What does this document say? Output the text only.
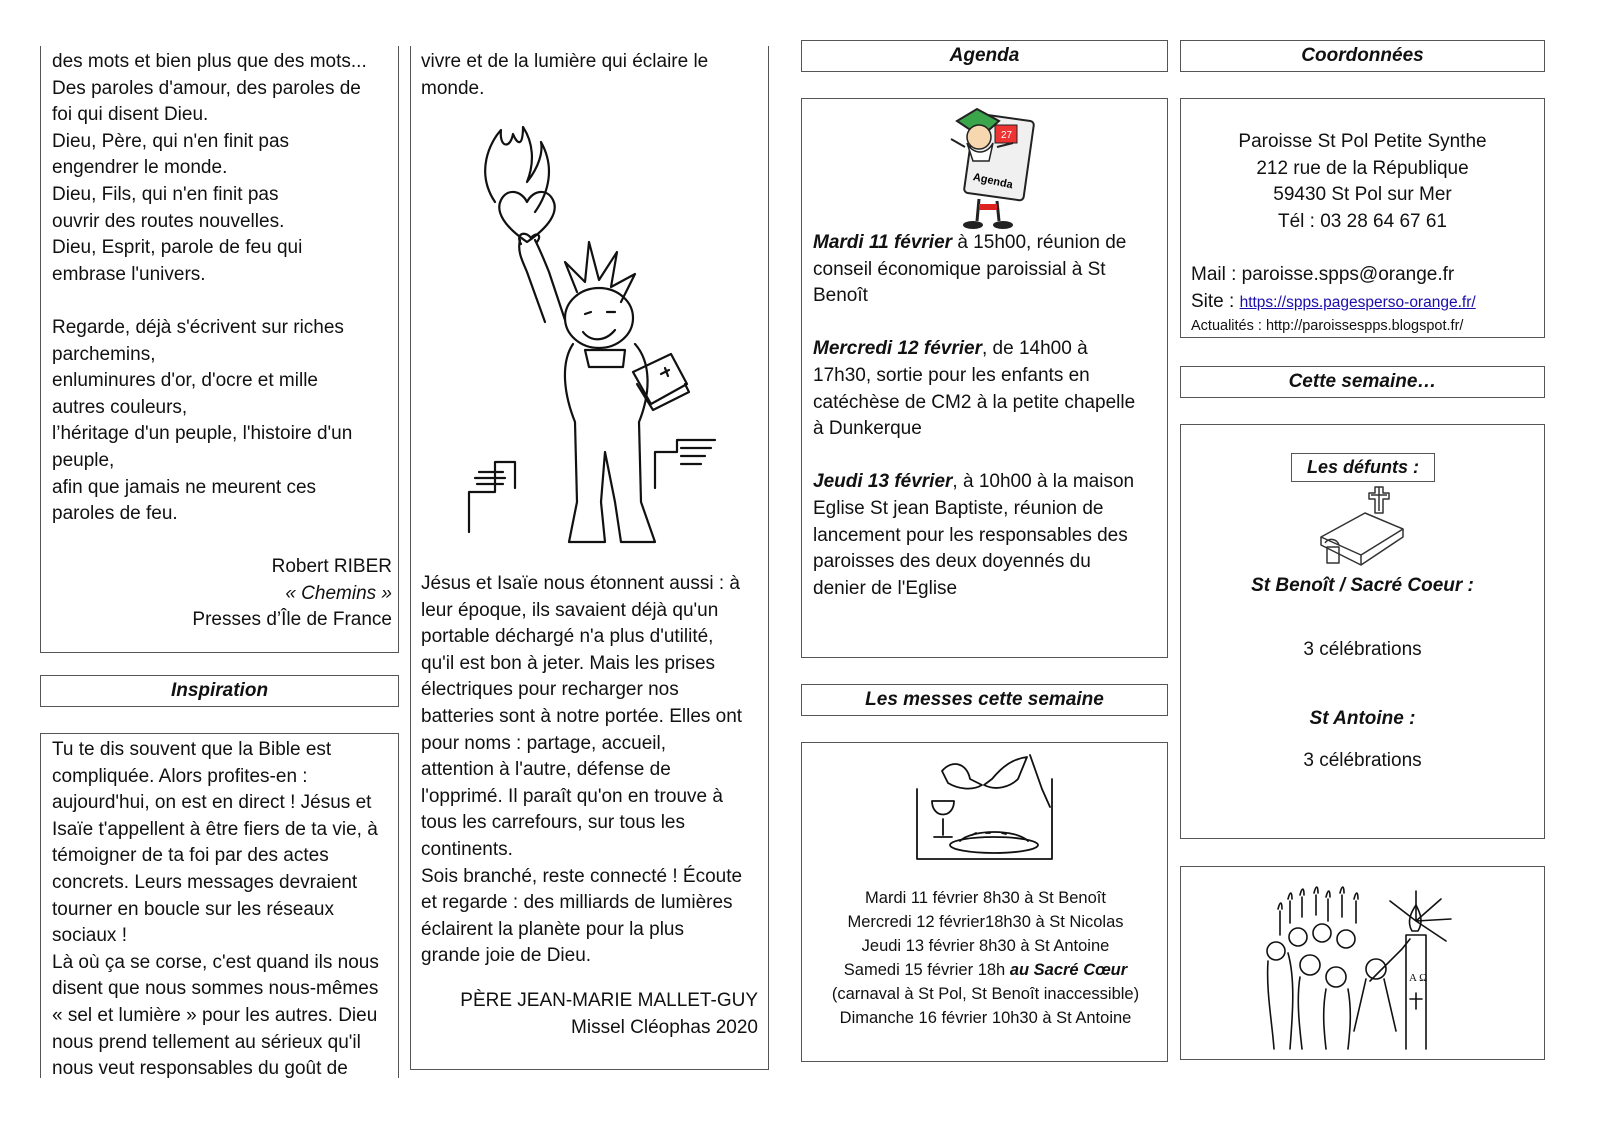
des mots et bien plus que des mots...
Des paroles d'amour, des paroles de
foi qui disent Dieu.
Dieu, Père, qui n'en finit pas
engendrer le monde.
Dieu, Fils, qui n'en finit pas
ouvrir des routes nouvelles.
Dieu, Esprit, parole de feu qui
embrase l'univers.
Regarde, déjà s'écrivent sur riches
parchemins,
enluminures d'or, d'ocre et mille
autres couleurs,
l’héritage d'un peuple, l'histoire d'un
peuple,
afin que jamais ne meurent ces
paroles de feu.

Robert RIBER

« Chemins »

Presses d’Île de France

Inspiration
Tu te dis souvent que la Bible est
compliquée. Alors profites-en :
aujourd'hui, on est en direct ! Jésus et
Isaïe t'appellent à être fiers de ta vie, à
témoigner de ta foi par des actes
concrets. Leurs messages devraient
tourner en boucle sur les réseaux
sociaux !
Là où ça se corse, c'est quand ils nous
disent que nous sommes nous-mêmes
« sel et lumière » pour les autres. Dieu
nous prend tellement au sérieux qu'il
nous veut responsables du goût de
vivre et de la lumière qui éclaire le
monde.
Jésus et Isaïe nous étonnent aussi : à
leur époque, ils savaient déjà qu'un
portable déchargé n'a plus d'utilité,
qu'il est bon à jeter. Mais les prises
électriques pour recharger nos
batteries sont à notre portée. Elles ont
pour noms : partage, accueil,
attention à l'autre, défense de
l'opprimé. Il paraît qu'on en trouve à
tous les carrefours, sur tous les
continents.
Sois branché, reste connecté ! Écoute
et regarde : des milliards de lumières
éclairent la planète pour la plus
grande joie de Dieu.

PÈRE JEAN-MARIE MALLET-GUY

Missel Cléophas 2020

Agenda
27
Agenda
Mardi 11 février à 15h00, réunion de
conseil économique paroissial à St
Benoît
Mercredi 12 février, de 14h00 à
17h30, sortie pour les enfants en
catéchèse de CM2 à la petite chapelle
à Dunkerque
Jeudi 13 février, à 10h00 à la maison
Eglise St jean Baptiste, réunion de
lancement pour les responsables des
paroisses des deux doyennés du
denier de l'Eglise
Les messes cette semaine
Mardi 11 février 8h30 à St Benoît
Mercredi 12 février18h30 à St Nicolas
Jeudi 13 février 8h30 à St Antoine
Samedi 15 février 18h au Sacré Cœur
(carnaval à St Pol, St Benoît inaccessible)
Dimanche 16 février 10h30 à St Antoine
Coordonnées
Paroisse St Pol Petite Synthe
212 rue de la République
59430 St Pol sur Mer
Tél : 03 28 64 67 61

Mail : paroisse.spps@orange.fr

Site : https://spps.pagesperso-orange.fr/

Actualités : http://paroissespps.blogspot.fr/

Cette semaine…
Les défunts :

St Benoît / Sacré Coeur :

3 célébrations

St Antoine :

3 célébrations

Α Ω
